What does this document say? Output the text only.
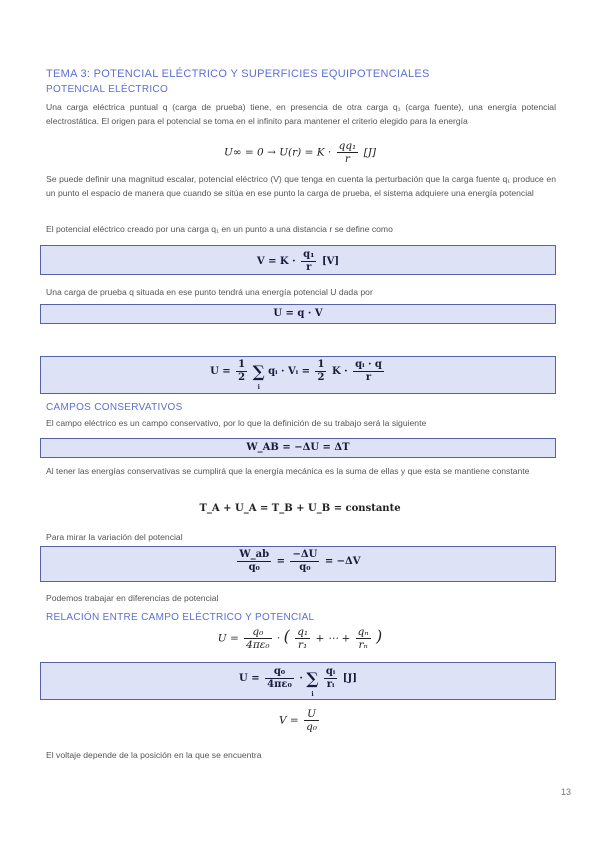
TEMA 3: POTENCIAL ELÉCTRICO Y SUPERFICIES EQUIPOTENCIALES
POTENCIAL ELÉCTRICO
Una carga eléctrica puntual q (carga de prueba) tiene, en presencia de otra carga q₁ (carga fuente), una energía potencial electrostática. El origen para el potencial se toma en el infinito para mantener el criterio elegido para la energía
$U\infty = 0 \to U(r) = K \cdot \frac{\text{qq₁}}{r} [J]$
Se puede definir una magnitud escalar, potencial eléctrico (V) que tenga en cuenta la perturbación que la carga fuente q₁ produce en un punto el espacio de manera que cuando se sitúa en ese punto la carga de prueba, el sistema adquiere una energía potencial
El potencial eléctrico creado por una carga q₁ en un punto a una distancia r se define como
$V = K \cdot \frac{\text{q₁}}{r} [V]$
Una carga de prueba q situada en ese punto tendrá una energía potencial U dada por
U = q · V
$U = \frac{1}{2}$ ∑
i
qᵢ · Vᵢ = $\frac{1}{2}$ $K \cdot \frac{\text{qᵢ · q}}{r}$
CAMPOS CONSERVATIVOS
El campo eléctrico es un campo conservativo, por lo que la definición de su trabajo será la siguiente
W_AB = −ΔU = ΔT
Al tener las energías conservativas se cumplirá que la energía mecánica es la suma de ellas y que esta se mantiene constante
T_A + U_A = T_B + U_B = constante
Para mirar la variación del potencial
$\frac{W\_ab}{\text{q₀}} = \frac{-\Delta U}{\text{q₀}} = -\Delta V$
Podemos trabajar en diferencias de potencial
RELACIÓN ENTRE CAMPO ELÉCTRICO Y POTENCIAL
$U = \frac{\text{q₀}}{\text{4πε₀}}$ · ( $\frac{\text{q₁}}{\text{r₁}}$ + ⋯ + $\frac{\text{qₙ}}{\text{rₙ}}$ )
$U = \frac{\text{q₀}}{\text{4πε₀}}$ · ∑
i

$\frac{\text{qᵢ}}{\text{rᵢ}} [J]$
$V = \frac{U}{\text{q₀}}$
El voltaje depende de la posición en la que se encuentra
13
